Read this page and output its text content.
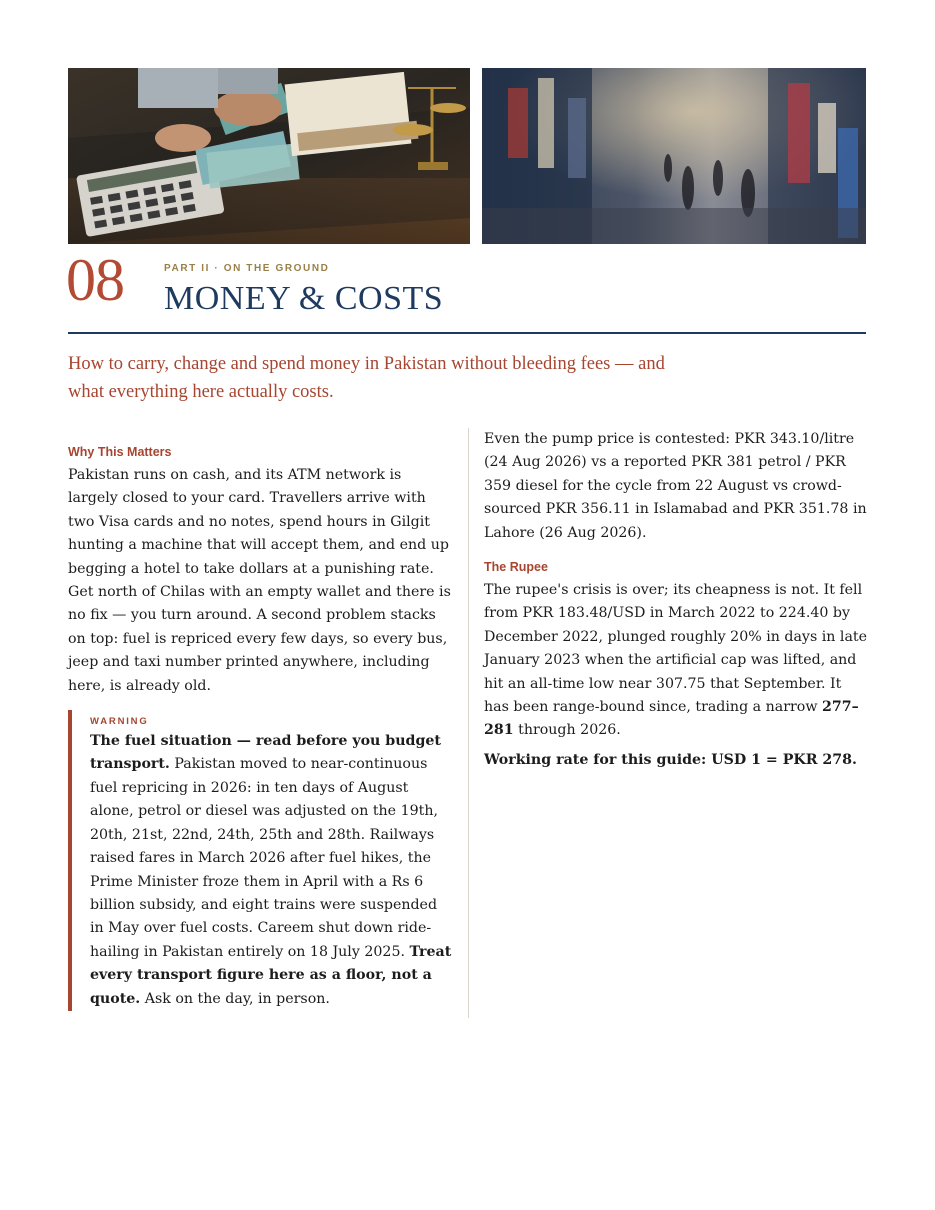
08	PART II · ON THE GROUND
MONEY & COSTS
How to carry, change and spend money in Pakistan without bleeding fees — and what everything here actually costs.
Why This Matters

Pakistan runs on cash, and its ATM network is largely closed to your card. Travellers arrive with two Visa cards and no notes, spend hours in Gilgit hunting a machine that will accept them, and end up begging a hotel to take dollars at a punishing rate. Get north of Chilas with an empty wallet and there is no fix — you turn around. A second problem stacks on top: fuel is repriced every few days, so every bus, jeep and taxi number printed anywhere, including here, is already old.

WARNING

The fuel situation — read before you budget transport. Pakistan moved to near-continuous fuel repricing in 2026: in ten days of August alone, petrol or diesel was adjusted on the 19th, 20th, 21st, 22nd, 24th, 25th and 28th. Railways raised fares in March 2026 after fuel hikes, the Prime Minister froze them in April with a Rs 6 billion subsidy, and eight trains were suspended in May over fuel costs. Careem shut down ride-hailing in Pakistan entirely on 18 July 2025. Treat every transport figure here as a floor, not a quote. Ask on the day, in person.

Even the pump price is contested: PKR 343.10/litre (24 Aug 2026) vs a reported PKR 381 petrol / PKR 359 diesel for the cycle from 22 August vs crowd-sourced PKR 356.11 in Islamabad and PKR 351.78 in Lahore (26 Aug 2026).

The Rupee

The rupee's crisis is over; its cheapness is not. It fell from PKR 183.48/USD in March 2022 to 224.40 by December 2022, plunged roughly 20% in days in late January 2023 when the artificial cap was lifted, and hit an all-time low near 307.75 that September. It has been range-bound since, trading a narrow 277–281 through 2026.

Working rate for this guide: USD 1 = PKR 278.
